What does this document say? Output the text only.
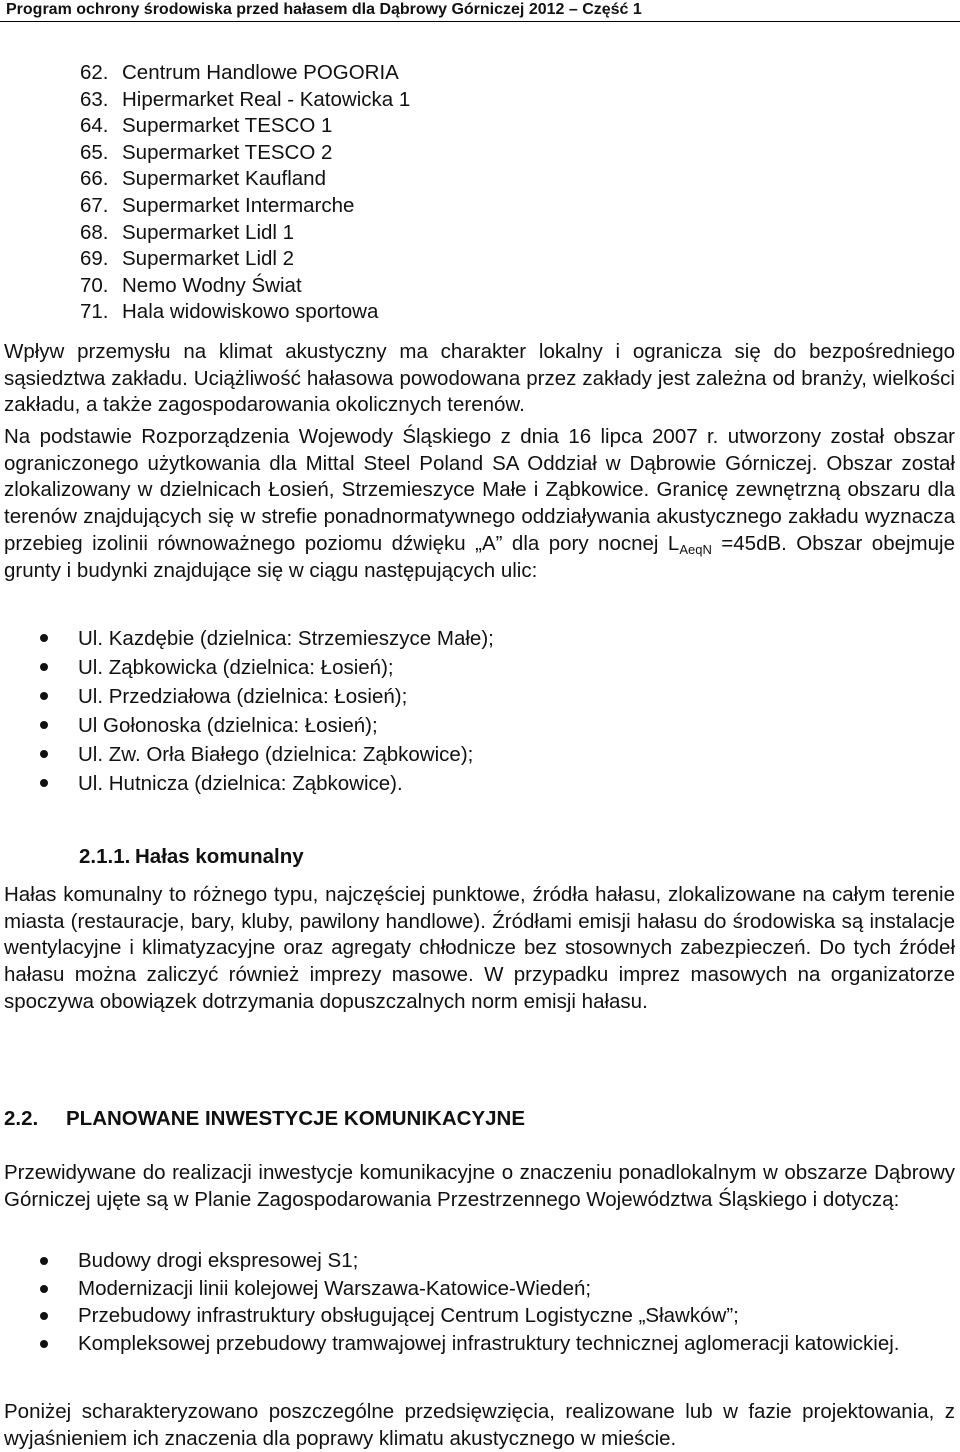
Program ochrony środowiska przed hałasem dla Dąbrowy Górniczej 2012 – Część 1
62. Centrum Handlowe POGORIA
63. Hipermarket Real - Katowicka 1
64. Supermarket TESCO 1
65. Supermarket TESCO 2
66. Supermarket Kaufland
67. Supermarket Intermarche
68. Supermarket Lidl 1
69. Supermarket Lidl 2
70. Nemo Wodny Świat
71. Hala widowiskowo sportowa

Wpływ przemysłu na klimat akustyczny ma charakter lokalny i ogranicza się do bezpośredniego sąsiedztwa zakładu. Uciążliwość hałasowa powodowana przez zakłady jest zależna od branży, wielkości zakładu, a także zagospodarowania okolicznych terenów.

Na podstawie Rozporządzenia Wojewody Śląskiego z dnia 16 lipca 2007 r. utworzony został obszar ograniczonego użytkowania dla Mittal Steel Poland SA Oddział w Dąbrowie Górniczej. Obszar został zlokalizowany w dzielnicach Łosień, Strzemieszyce Małe i Ząbkowice. Granicę zewnętrzną obszaru dla terenów znajdujących się w strefie ponadnormatywnego oddziaływania akustycznego zakładu wyznacza przebieg izolinii równoważnego poziomu dźwięku „A” dla pory nocnej $L_{AeqN} =45dB$. Obszar obejmuje grunty i budynki znajdujące się w ciągu następujących ulic:

Ul. Kazdębie (dzielnica: Strzemieszyce Małe);
Ul. Ząbkowicka (dzielnica: Łosień);
Ul. Przedziałowa (dzielnica: Łosień);
Ul Gołonoska (dzielnica: Łosień);
Ul. Zw. Orła Białego (dzielnica: Ząbkowice);
Ul. Hutnicza (dzielnica: Ząbkowice).
2.1.1. Hałas komunalny

Hałas komunalny to różnego typu, najczęściej punktowe, źródła hałasu, zlokalizowane na całym terenie miasta (restauracje, bary, kluby, pawilony handlowe). Źródłami emisji hałasu do środowiska są instalacje wentylacyjne i klimatyzacyjne oraz agregaty chłodnicze bez stosownych zabezpieczeń. Do tych źródeł hałasu można zaliczyć również imprezy masowe. W przypadku imprez masowych na organizatorze spoczywa obowiązek dotrzymania dopuszczalnych norm emisji hałasu.

2.2. PLANOWANE INWESTYCJE KOMUNIKACYJNE

Przewidywane do realizacji inwestycje komunikacyjne o znaczeniu ponadlokalnym w obszarze Dąbrowy Górniczej ujęte są w Planie Zagospodarowania Przestrzennego Województwa Śląskiego i dotyczą:

Budowy drogi ekspresowej S1;
Modernizacji linii kolejowej Warszawa-Katowice-Wiedeń;
Przebudowy infrastruktury obsługującej Centrum Logistyczne „Sławków”;
Kompleksowej przebudowy tramwajowej infrastruktury technicznej aglomeracji katowickiej.

Poniżej scharakteryzowano poszczególne przedsięwzięcia, realizowane lub w fazie projektowania, z wyjaśnieniem ich znaczenia dla poprawy klimatu akustycznego w mieście.
